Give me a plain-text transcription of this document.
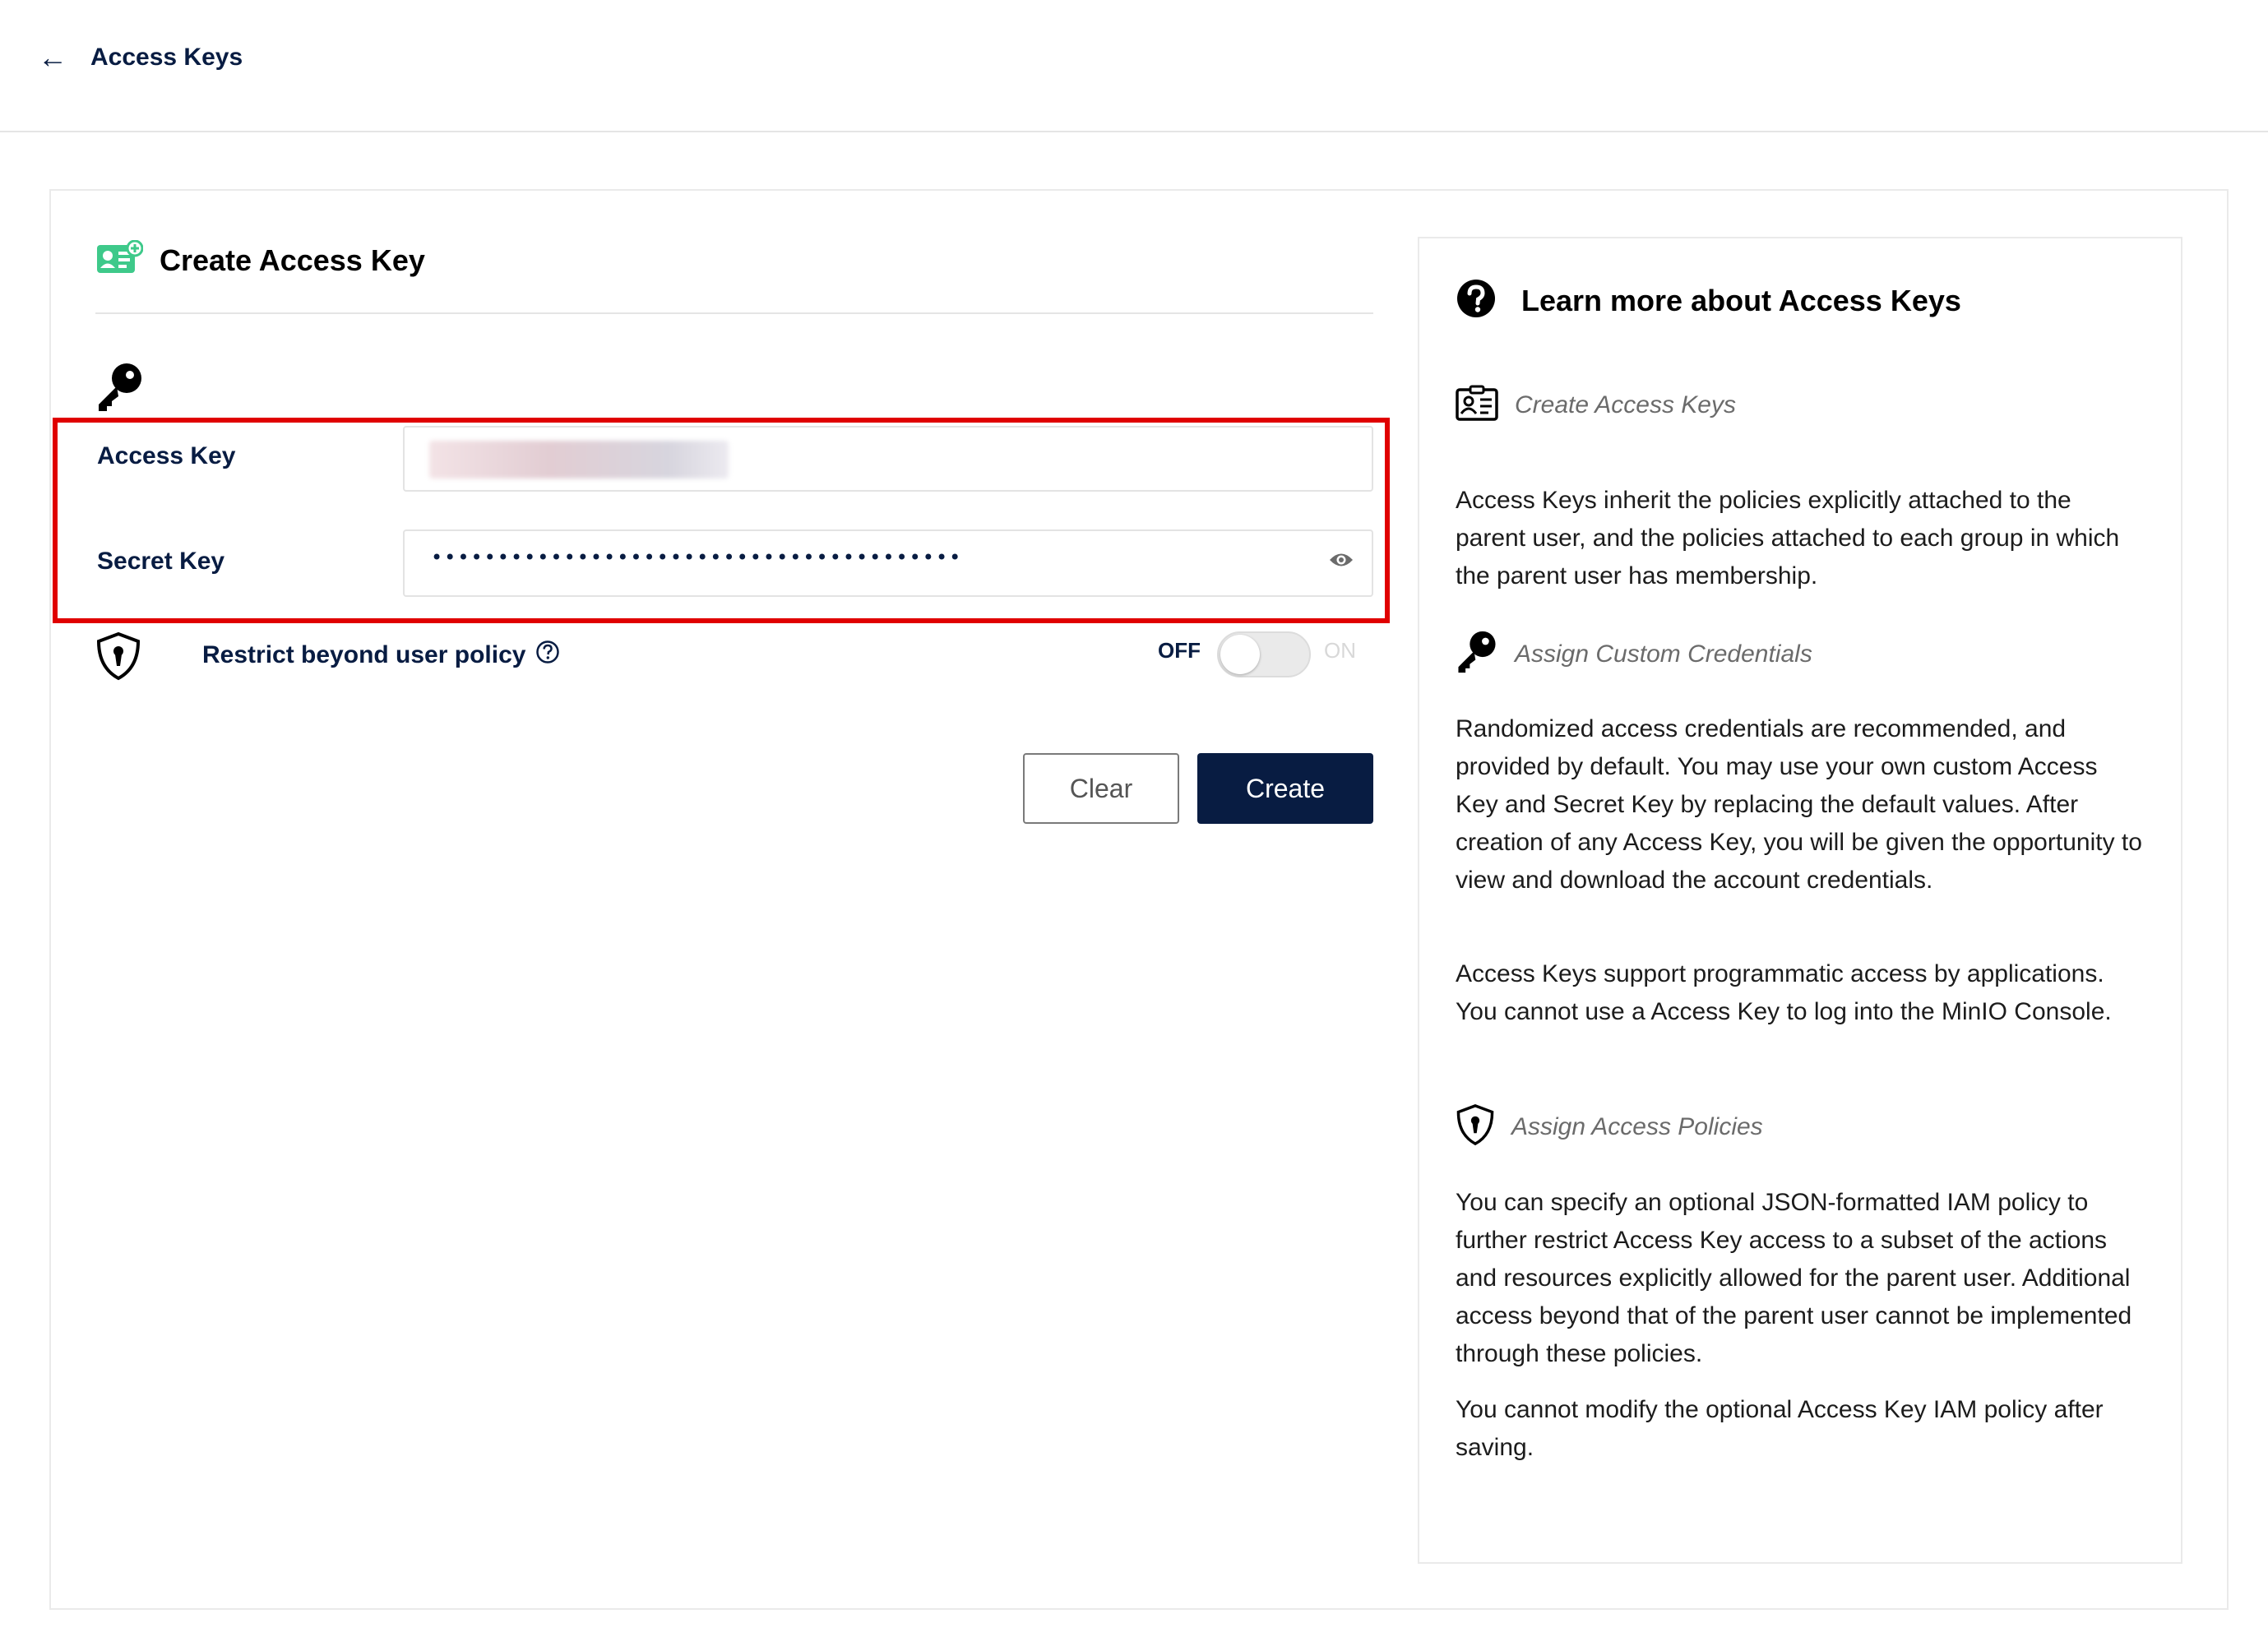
← Access Keys
Create Access Key
Access Key
Secret Key	••••••••••••••••••••••••••••••••••••••••
Restrict beyond user policy	OFF	ON
Clear	Create
Learn more about Access Keys
Create Access Keys

Access Keys inherit the policies explicitly attached to the parent user, and the policies attached to each group in which the parent user has membership.

Assign Custom Credentials

Randomized access credentials are recommended, and provided by default. You may use your own custom Access Key and Secret Key by replacing the default values. After creation of any Access Key, you will be given the opportunity to view and download the account credentials.

Access Keys support programmatic access by applications. You cannot use a Access Key to log into the MinIO Console.

Assign Access Policies

You can specify an optional JSON-formatted IAM policy to further restrict Access Key access to a subset of the actions and resources explicitly allowed for the parent user. Additional access beyond that of the parent user cannot be implemented through these policies.

You cannot modify the optional Access Key IAM policy after saving.
